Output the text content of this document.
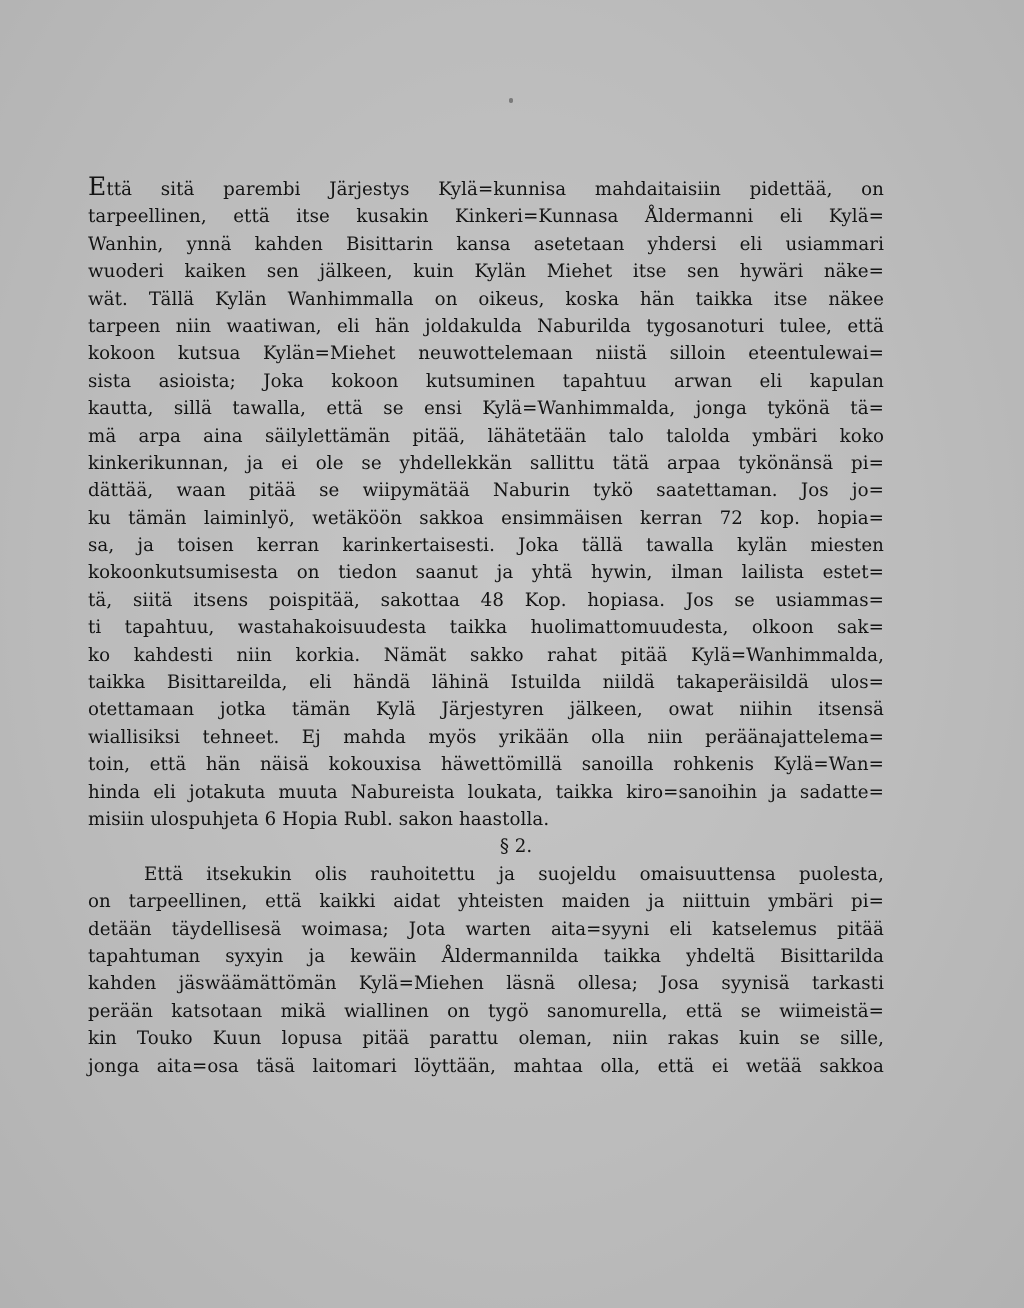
Että sitä parembi Järjestys Kylä=kunnisa mahdaitaisiin pidettää, on
tarpeellinen, että itse kusakin Kinkeri=Kunnasa Åldermanni eli Kylä=
Wanhin, ynnä kahden Bisittarin kansa asetetaan yhdersi eli usiammari
wuoderi kaiken sen jälkeen, kuin Kylän Miehet itse sen hywäri näke=
wät. Tällä Kylän Wanhimmalla on oikeus, koska hän taikka itse näkee
tarpeen niin waatiwan, eli hän joldakulda Naburilda tygosanoturi tulee, että
kokoon kutsua Kylän=Miehet neuwottelemaan niistä silloin eteentulewai=
sista asioista; Joka kokoon kutsuminen tapahtuu arwan eli kapulan
kautta, sillä tawalla, että se ensi Kylä=Wanhimmalda, jonga tykönä tä=
mä arpa aina säilylettämän pitää, lähätetään talo talolda ymbäri koko
kinkerikunnan, ja ei ole se yhdellekkän sallittu tätä arpaa tykönänsä pi=
dättää, waan pitää se wiipymätää Naburin tykö saatettaman. Jos jo=
ku tämän laiminlyö, wetäköön sakkoa ensimmäisen kerran 72 kop. hopia=
sa, ja toisen kerran karinkertaisesti. Joka tällä tawalla kylän miesten
kokoonkutsumisesta on tiedon saanut ja yhtä hywin, ilman lailista estet=
tä, siitä itsens poispitää, sakottaa 48 Kop. hopiasa. Jos se usiammas=
ti tapahtuu, wastahakoisuudesta taikka huolimattomuudesta, olkoon sak=
ko kahdesti niin korkia. Nämät sakko rahat pitää Kylä=Wanhimmalda,
taikka Bisittareilda, eli händä lähinä Istuilda niildä takaperäisildä ulos=
otettamaan jotka tämän Kylä Järjestyren jälkeen, owat niihin itsensä
wiallisiksi tehneet. Ej mahda myös yrikään olla niin peräänajattelema=
toin, että hän näisä kokouxisa häwettömillä sanoilla rohkenis Kylä=Wan=
hinda eli jotakuta muuta Nabureista loukata, taikka kiro=sanoihin ja sadatte=
misiin ulospuhjeta 6 Hopia Rubl. sakon haastolla.
§ 2.
Että itsekukin olis rauhoitettu ja suojeldu omaisuuttensa puolesta,
on tarpeellinen, että kaikki aidat yhteisten maiden ja niittuin ymbäri pi=
detään täydellisesä woimasa; Jota warten aita=syyni eli katselemus pitää
tapahtuman syxyin ja kewäin Åldermannilda taikka yhdeltä Bisittarilda
kahden jäswäämättömän Kylä=Miehen läsnä ollesa; Josa syynisä tarkasti
perään katsotaan mikä wiallinen on tygö sanomurella, että se wiimeistä=
kin Touko Kuun lopusa pitää parattu oleman, niin rakas kuin se sille,
jonga aita=osa täsä laitomari löyttään, mahtaa olla, että ei wetää sakkoa
